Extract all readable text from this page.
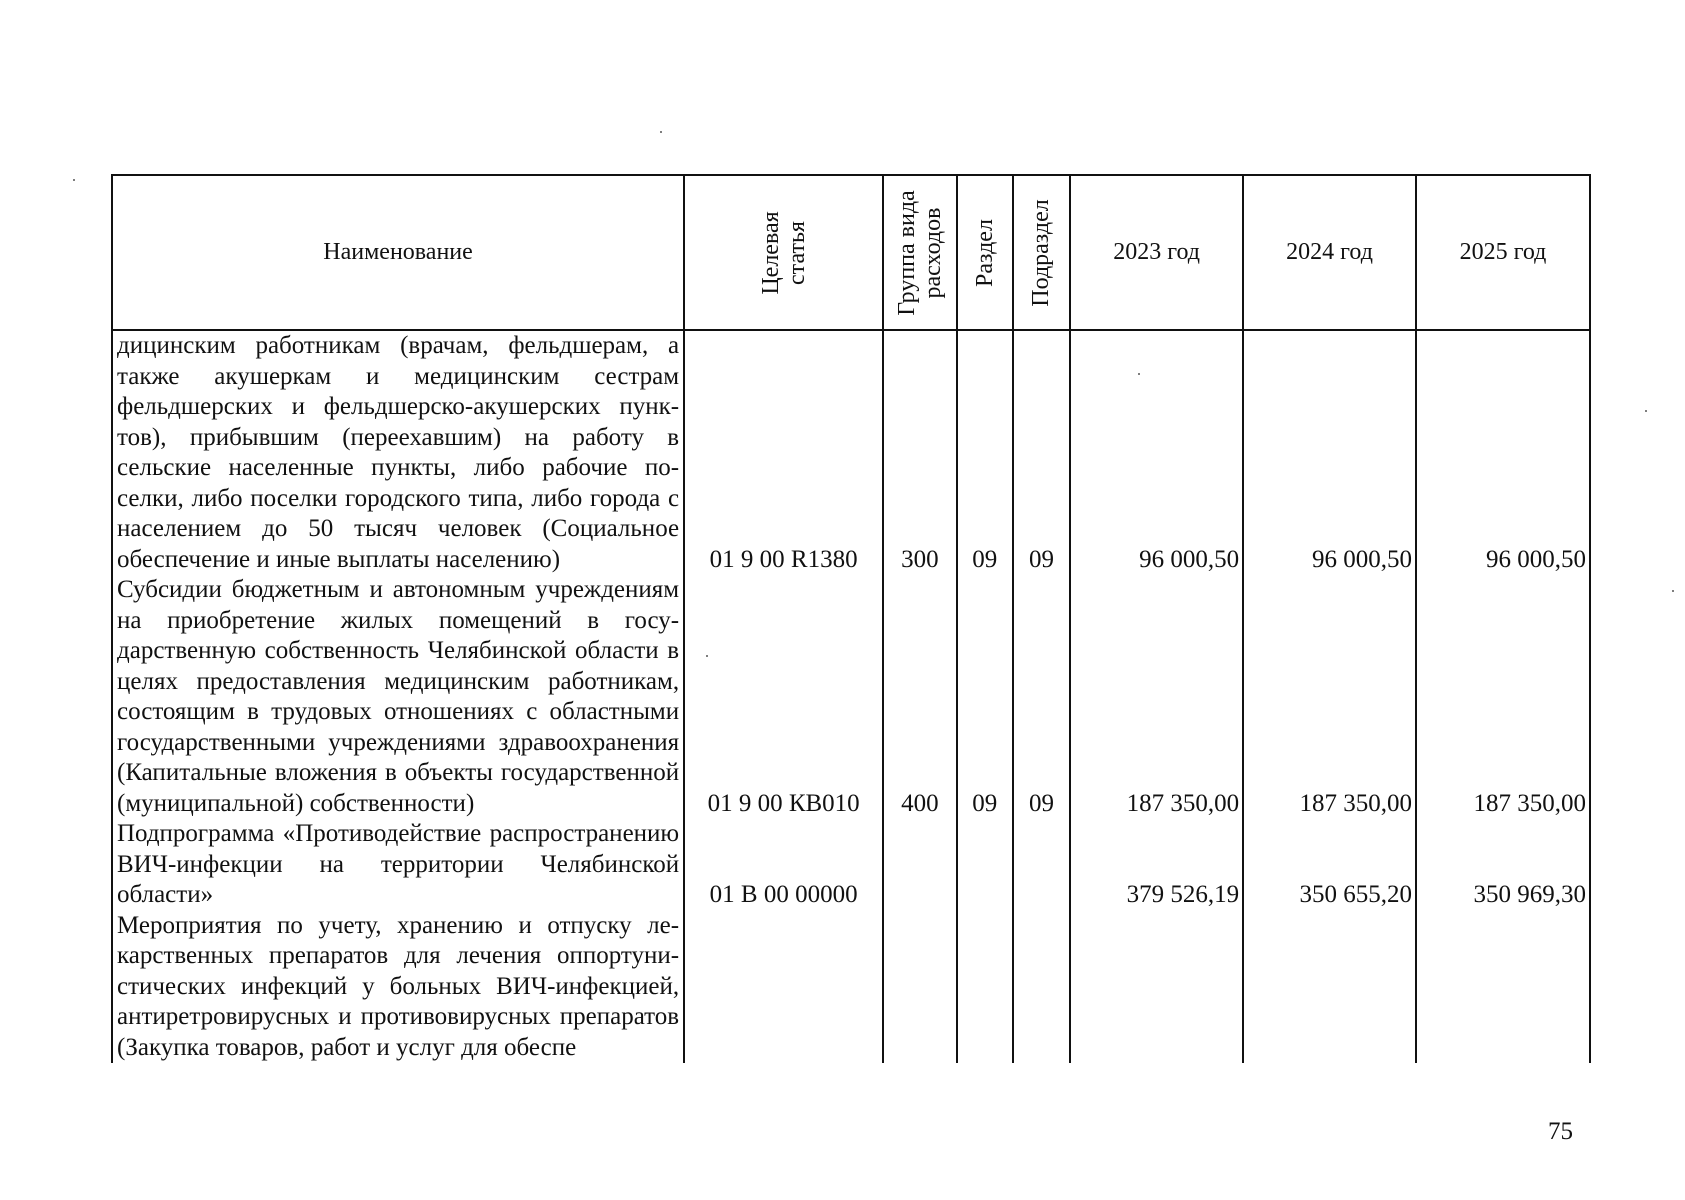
Наименование	Целевая статья	Группа вида расходов	Раздел	Подраздел	2023 год	2024 год	2025 год
дицинским работникам (врачам, фельдшерам, а также акушеркам и медицинским сестрам фельдшерских и фельдшерско-акушерских пунктов), прибывшим (переехавшим) на работу в сельские населенные пункты, либо рабочие поселки, либо поселки городского типа, либо города с населением до 50 тысяч человек (Социальное обеспечение и иные выплаты населению)	01 9 00 R1380	300	09	09	96 000,50	96 000,50	96 000,50
Субсидии бюджетным и автономным учреждениям на приобретение жилых помещений в государственную собственность Челябинской области в целях предоставления медицинским работникам, состоящим в трудовых отношениях с областными государственными учреждениями здравоохранения (Капитальные вложения в объекты государственной (муниципальной) собственности)	01 9 00 КВ010	400	09	09	187 350,00	187 350,00	187 350,00
Подпрограмма «Противодействие распространению ВИЧ-инфекции на территории Челябинской области»	01 В 00 00000				379 526,19	350 655,20	350 969,30
Мероприятия по учету, хранению и отпуску лекарственных препаратов для лечения оппортунистических инфекций у больных ВИЧ-инфекцией, антиретровирусных и противовирусных препаратов (Закупка товаров, работ и услуг для обеспе							
75
